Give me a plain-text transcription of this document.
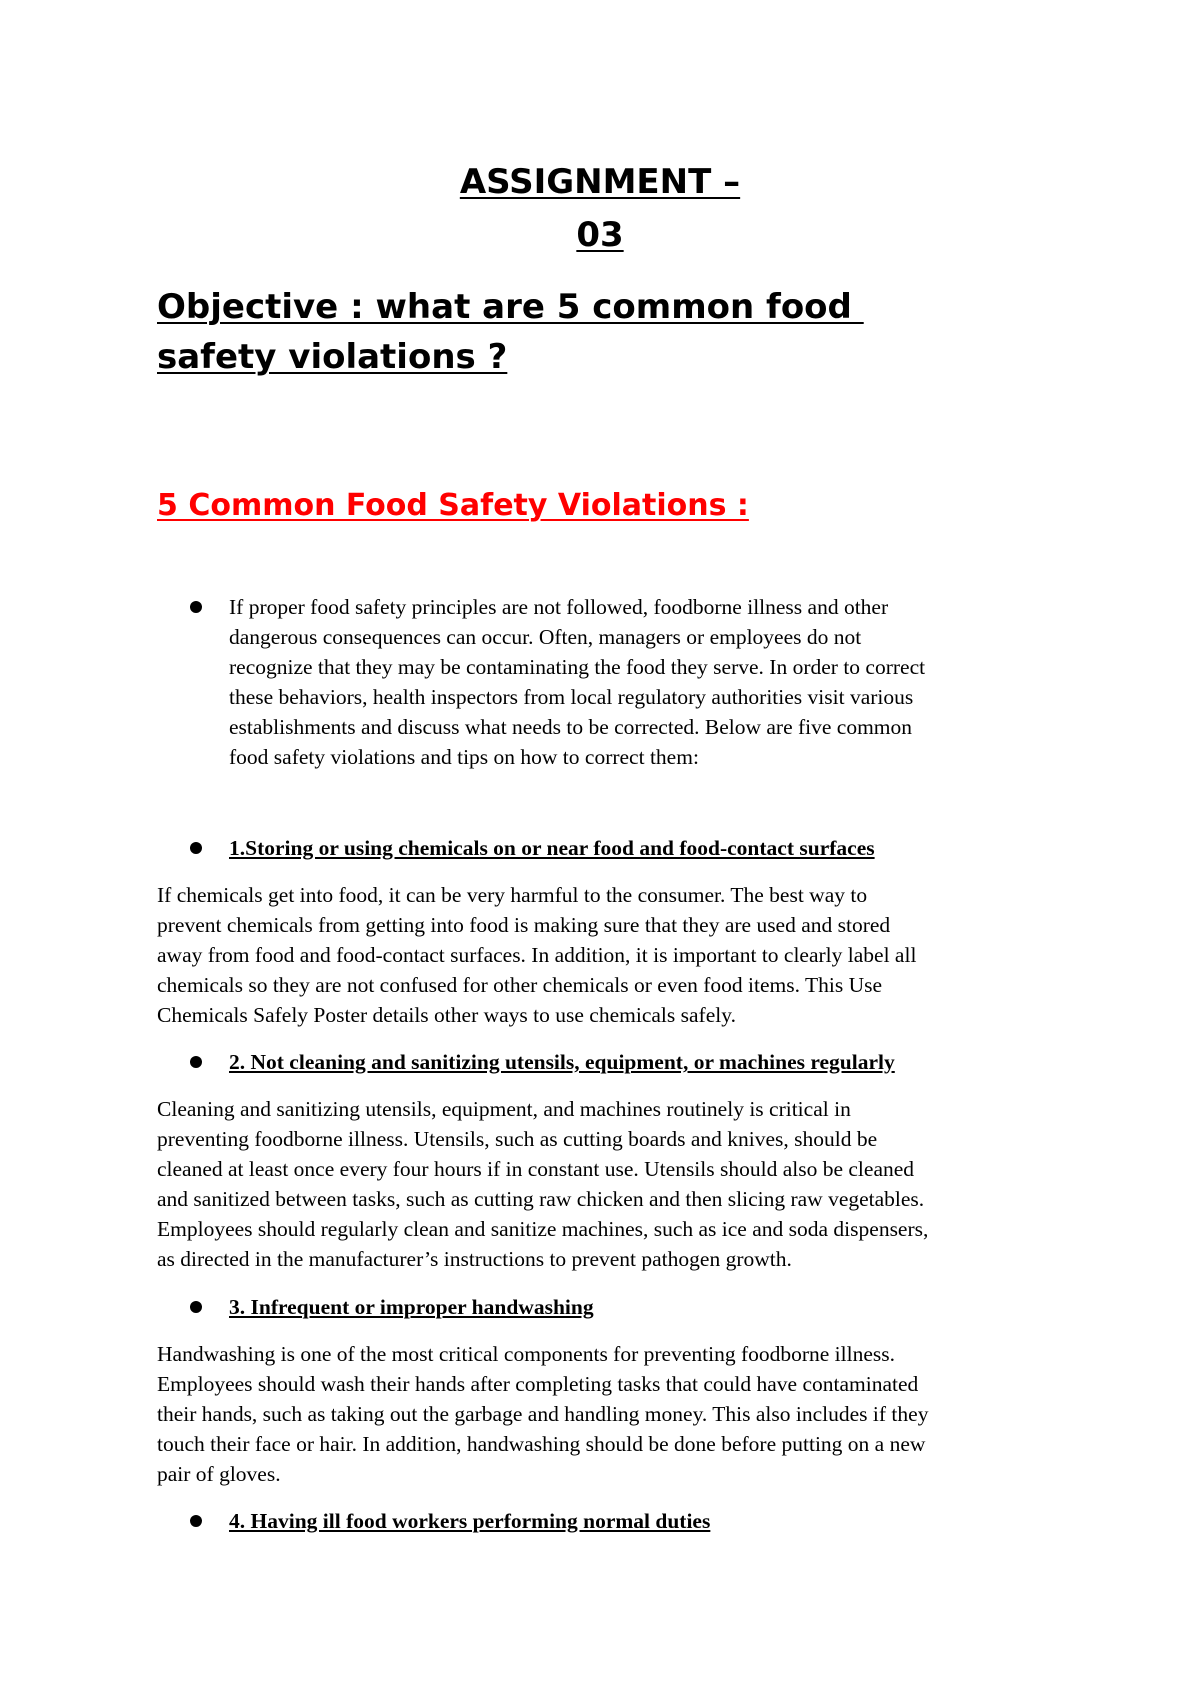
ASSIGNMENT –
03
Objective : what are 5 common food
safety violations ?
5 Common Food Safety Violations :
If proper food safety principles are not followed, foodborne illness and other
dangerous consequences can occur. Often, managers or employees do not
recognize that they may be contaminating the food they serve. In order to correct
these behaviors, health inspectors from local regulatory authorities visit various
establishments and discuss what needs to be corrected. Below are five common
food safety violations and tips on how to correct them:
1.Storing or using chemicals on or near food and food-contact surfaces
If chemicals get into food, it can be very harmful to the consumer. The best way to
prevent chemicals from getting into food is making sure that they are used and stored
away from food and food-contact surfaces. In addition, it is important to clearly label all
chemicals so they are not confused for other chemicals or even food items. This Use
Chemicals Safely Poster details other ways to use chemicals safely.
2. Not cleaning and sanitizing utensils, equipment, or machines regularly
Cleaning and sanitizing utensils, equipment, and machines routinely is critical in
preventing foodborne illness. Utensils, such as cutting boards and knives, should be
cleaned at least once every four hours if in constant use. Utensils should also be cleaned
and sanitized between tasks, such as cutting raw chicken and then slicing raw vegetables.
Employees should regularly clean and sanitize machines, such as ice and soda dispensers,
as directed in the manufacturer’s instructions to prevent pathogen growth.
3. Infrequent or improper handwashing
Handwashing is one of the most critical components for preventing foodborne illness.
Employees should wash their hands after completing tasks that could have contaminated
their hands, such as taking out the garbage and handling money. This also includes if they
touch their face or hair. In addition, handwashing should be done before putting on a new
pair of gloves.
4. Having ill food workers performing normal duties
